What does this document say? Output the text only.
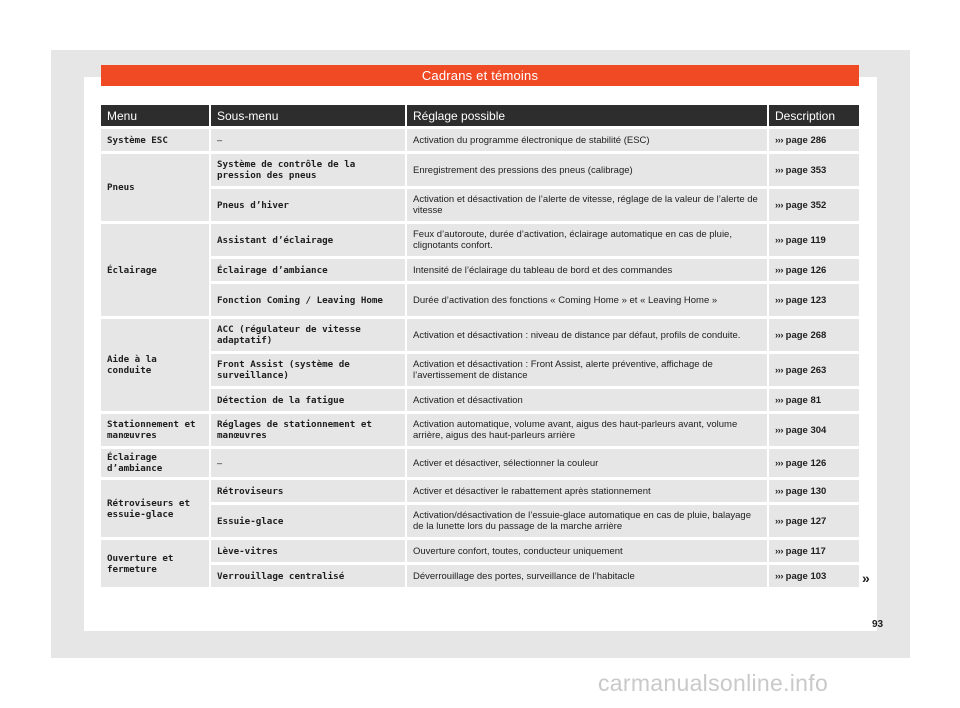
Cadrans et témoins
Menu	Sous-menu	Réglage possible	Description
Système ESC	–	Activation du programme électronique de stabilité (ESC)	››› page 286
Pneus	Système de contrôle de la pression des pneus	Enregistrement des pressions des pneus (calibrage)	››› page 353
	Pneus d’hiver	Activation et désactivation de l’alerte de vitesse, réglage de la valeur de l’alerte de vitesse	››› page 352
Éclairage	Assistant d’éclairage	Feux d’autoroute, durée d’activation, éclairage automatique en cas de pluie, clignotants confort.	››› page 119
	Éclairage d’ambiance	Intensité de l’éclairage du tableau de bord et des commandes	››› page 126
	Fonction Coming / Leaving Home	Durée d’activation des fonctions « Coming Home » et « Leaving Home »	››› page 123
Aide à la conduite	ACC (régulateur de vitesse adaptatif)	Activation et désactivation : niveau de distance par défaut, profils de conduite.	››› page 268
	Front Assist (système de surveillance)	Activation et désactivation : Front Assist, alerte préventive, affichage de l’avertissement de distance	››› page 263
	Détection de la fatigue	Activation et désactivation	››› page 81
Stationnement et manœuvres	Réglages de stationnement et manœuvres	Activation automatique, volume avant, aigus des haut-parleurs avant, volume arrière, aigus des haut-parleurs arrière	››› page 304
Éclairage d’ambiance	–	Activer et désactiver, sélectionner la couleur	››› page 126
Rétroviseurs et essuie-glace	Rétroviseurs	Activer et désactiver le rabattement après stationnement	››› page 130
	Essuie-glace	Activation/désactivation de l’essuie-glace automatique en cas de pluie, balayage de la lunette lors du passage de la marche arrière	››› page 127
Ouverture et fermeture	Lève-vitres	Ouverture confort, toutes, conducteur uniquement	››› page 117
	Verrouillage centralisé	Déverrouillage des portes, surveillance de l’habitacle	››› page 103	»
93
carmanualsonline.info
